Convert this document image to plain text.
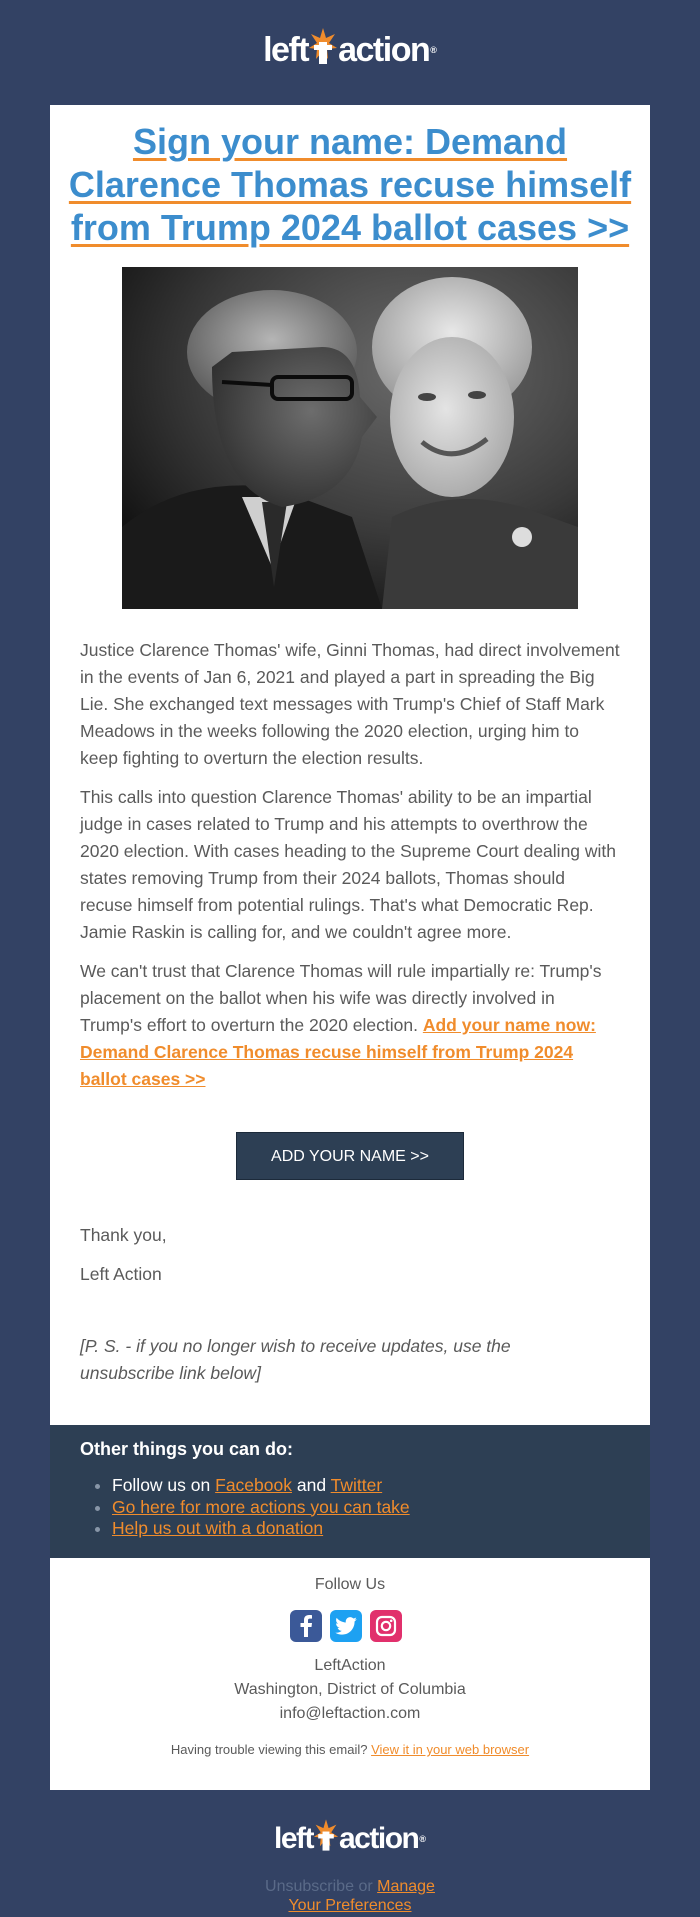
left action ®
Sign your name: Demand Clarence Thomas recuse himself from Trump 2024 ballot cases >>

Justice Clarence Thomas' wife, Ginni Thomas, had direct involvement in the events of Jan 6, 2021 and played a part in spreading the Big Lie. She exchanged text messages with Trump's Chief of Staff Mark Meadows in the weeks following the 2020 election, urging him to keep fighting to overturn the election results.

This calls into question Clarence Thomas' ability to be an impartial judge in cases related to Trump and his attempts to overthrow the 2020 election. With cases heading to the Supreme Court dealing with states removing Trump from their 2024 ballots, Thomas should recuse himself from potential rulings. That's what Democratic Rep. Jamie Raskin is calling for, and we couldn't agree more.

We can't trust that Clarence Thomas will rule impartially re: Trump's placement on the ballot when his wife was directly involved in Trump's effort to overturn the 2020 election. Add your name now: Demand Clarence Thomas recuse himself from Trump 2024 ballot cases >>

ADD YOUR NAME >>
Thank you,
Left Action
[P. S. - if you no longer wish to receive updates, use the unsubscribe link below]
Other things you can do:
• Follow us on Facebook and Twitter
• Go here for more actions you can take
• Help us out with a donation
Follow Us
LeftAction
Washington, District of Columbia
info@leftaction.com
Having trouble viewing this email? View it in your web browser
left action ®
Unsubscribe or Manage
Your Preferences
